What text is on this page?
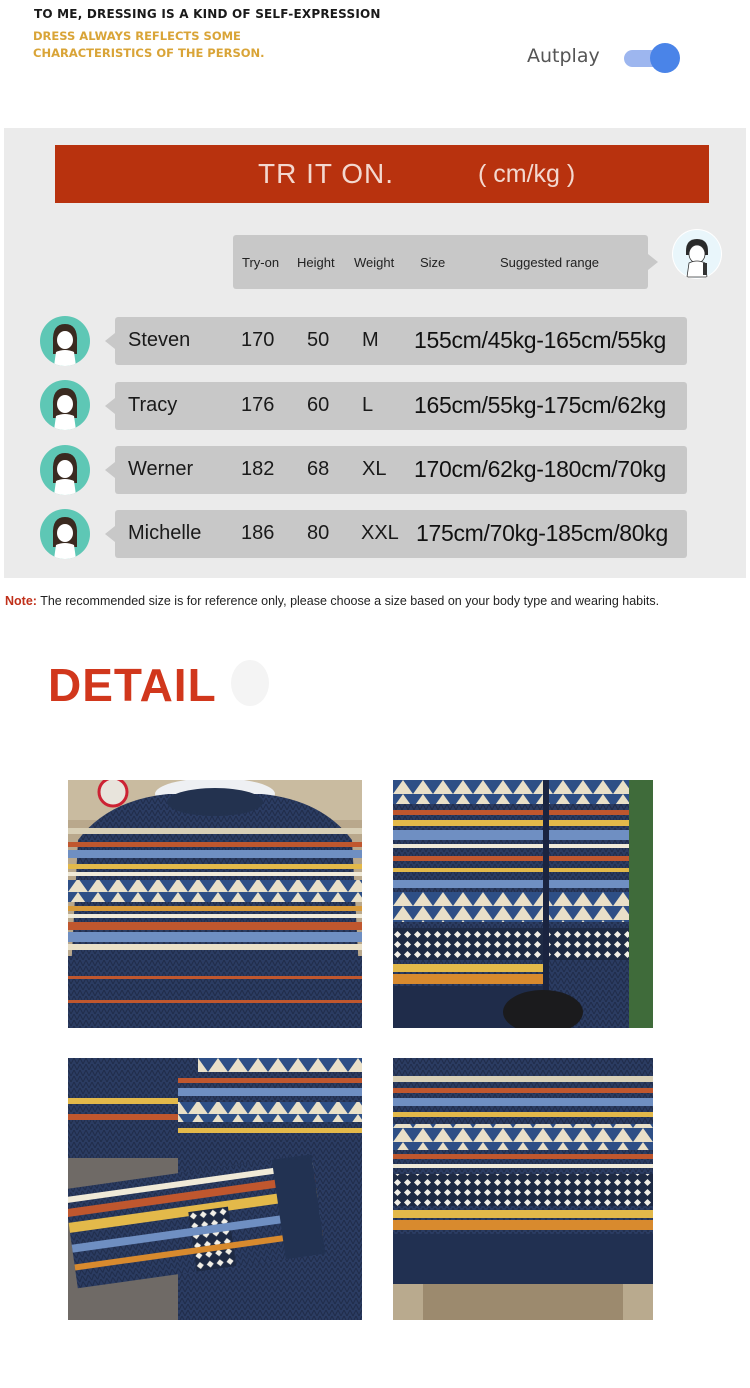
TO ME, DRESSING IS A KIND OF SELF-EXPRESSION
DRESS ALWAYS REFLECTS SOME CHARACTERISTICS OF THE PERSON.	Autplay
TR IT ON.	( cm/kg )
Try-on Height Weight Size	Suggested range
Steven	170 50 M 155cm/45kg-165cm/55kg
Tracy	176 60 L 165cm/55kg-175cm/62kg
Werner 182 68 XL 170cm/62kg-180cm/70kg
Michelle 186 80 XXL 175cm/70kg-185cm/80kg
Note: The recommended size is for reference only, please choose a size based on your body type and wearing habits.
DETAIL
